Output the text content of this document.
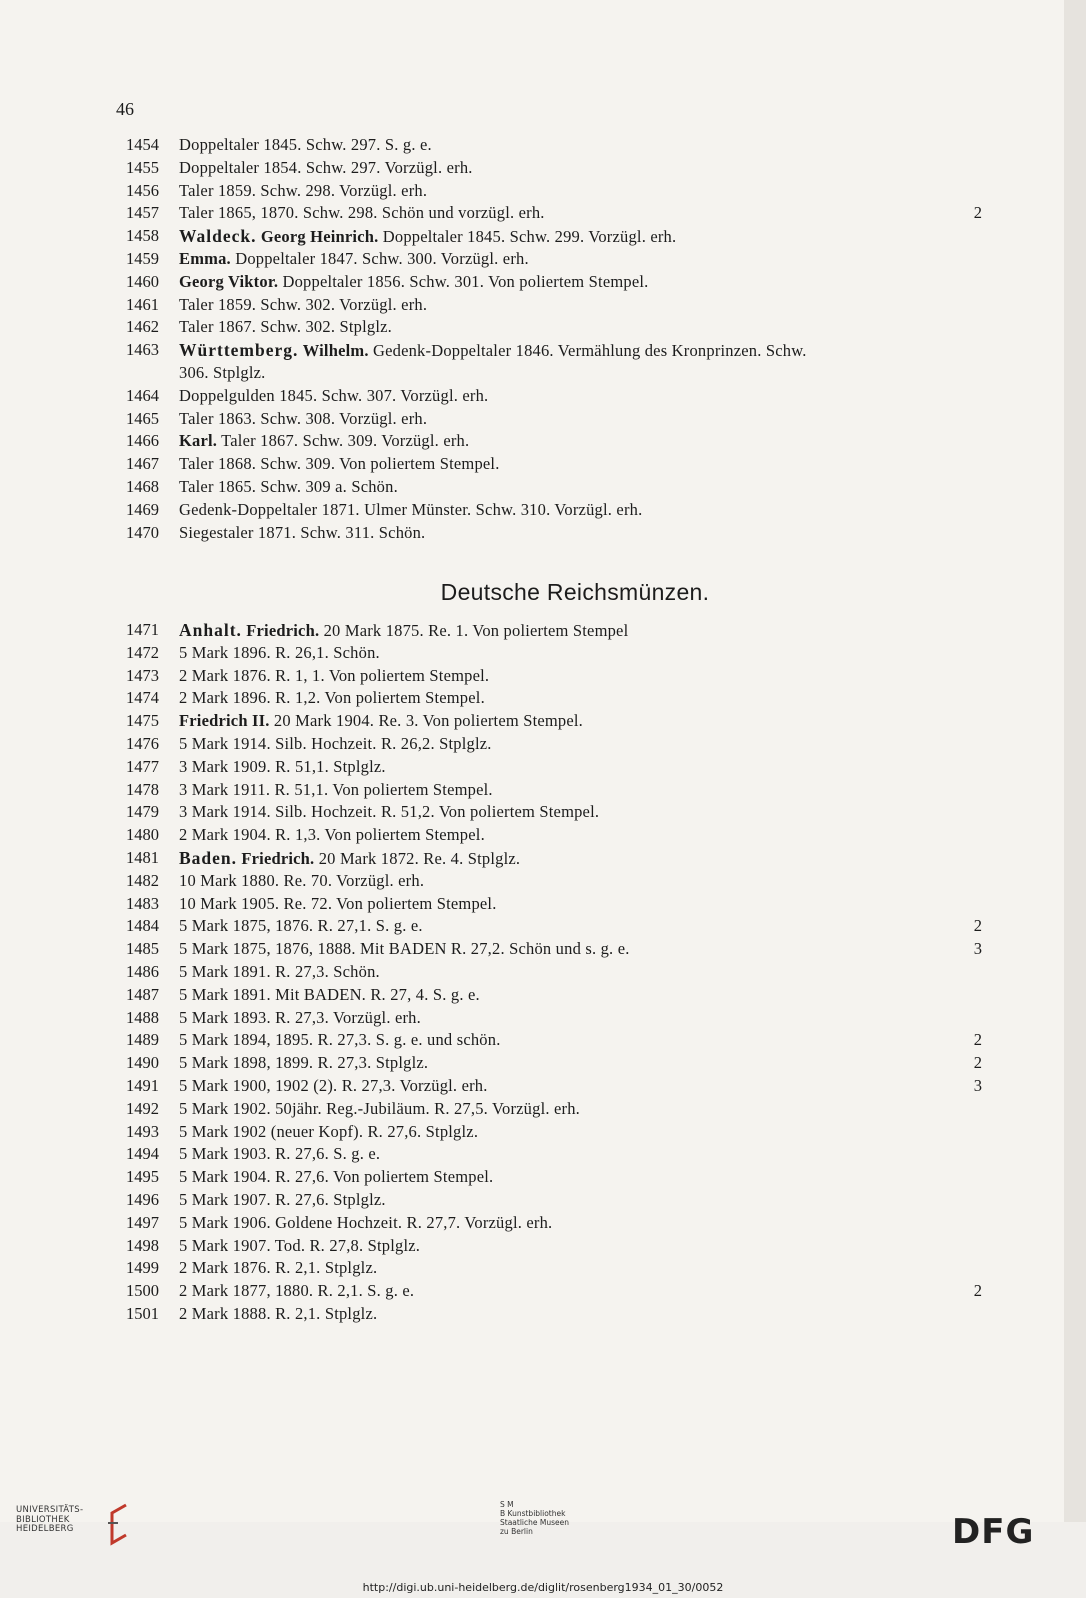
46
1454	Doppeltaler 1845. Schw. 297. S. g. e.
1455	Doppeltaler 1854. Schw. 297. Vorzügl. erh.
1456	Taler 1859. Schw. 298. Vorzügl. erh.
1457	Taler 1865, 1870. Schw. 298. Schön und vorzügl. erh.	2
1458	Waldeck. Georg Heinrich. Doppeltaler 1845. Schw. 299. Vorzügl. erh.
1459	Emma. Doppeltaler 1847. Schw. 300. Vorzügl. erh.
1460	Georg Viktor. Doppeltaler 1856. Schw. 301. Von poliertem Stempel.
1461	Taler 1859. Schw. 302. Vorzügl. erh.
1462	Taler 1867. Schw. 302. Stplglz.
1463	Württemberg. Wilhelm. Gedenk-Doppeltaler 1846. Vermählung des Kronprinzen. Schw.
306. Stplglz.
1464	Doppelgulden 1845. Schw. 307. Vorzügl. erh.
1465	Taler 1863. Schw. 308. Vorzügl. erh.
1466	Karl. Taler 1867. Schw. 309. Vorzügl. erh.
1467	Taler 1868. Schw. 309. Von poliertem Stempel.
1468	Taler 1865. Schw. 309 a. Schön.
1469	Gedenk-Doppeltaler 1871. Ulmer Münster. Schw. 310. Vorzügl. erh.
1470	Siegestaler 1871. Schw. 311. Schön.
Deutsche Reichsmünzen.
1471	Anhalt. Friedrich. 20 Mark 1875. Re. 1. Von poliertem Stempel
1472	5 Mark 1896. R. 26,1. Schön.
1473	2 Mark 1876. R. 1, 1. Von poliertem Stempel.
1474	2 Mark 1896. R. 1,2. Von poliertem Stempel.
1475	Friedrich II. 20 Mark 1904. Re. 3. Von poliertem Stempel.
1476	5 Mark 1914. Silb. Hochzeit. R. 26,2. Stplglz.
1477	3 Mark 1909. R. 51,1. Stplglz.
1478	3 Mark 1911. R. 51,1. Von poliertem Stempel.
1479	3 Mark 1914. Silb. Hochzeit. R. 51,2. Von poliertem Stempel.
1480	2 Mark 1904. R. 1,3. Von poliertem Stempel.
1481	Baden. Friedrich. 20 Mark 1872. Re. 4. Stplglz.
1482	10 Mark 1880. Re. 70. Vorzügl. erh.
1483	10 Mark 1905. Re. 72. Von poliertem Stempel.
1484	5 Mark 1875, 1876. R. 27,1. S. g. e.	2
1485	5 Mark 1875, 1876, 1888. Mit BADEN R. 27,2. Schön und s. g. e.	3
1486	5 Mark 1891. R. 27,3. Schön.
1487	5 Mark 1891. Mit BADEN. R. 27, 4. S. g. e.
1488	5 Mark 1893. R. 27,3. Vorzügl. erh.
1489	5 Mark 1894, 1895. R. 27,3. S. g. e. und schön.	2
1490	5 Mark 1898, 1899. R. 27,3. Stplglz.	2
1491	5 Mark 1900, 1902 (2). R. 27,3. Vorzügl. erh.	3
1492	5 Mark 1902. 50jähr. Reg.-Jubiläum. R. 27,5. Vorzügl. erh.
1493	5 Mark 1902 (neuer Kopf). R. 27,6. Stplglz.
1494	5 Mark 1903. R. 27,6. S. g. e.
1495	5 Mark 1904. R. 27,6. Von poliertem Stempel.
1496	5 Mark 1907. R. 27,6. Stplglz.
1497	5 Mark 1906. Goldene Hochzeit. R. 27,7. Vorzügl. erh.
1498	5 Mark 1907. Tod. R. 27,8. Stplglz.
1499	2 Mark 1876. R. 2,1. Stplglz.
1500	2 Mark 1877, 1880. R. 2,1. S. g. e.	2
1501	2 Mark 1888. R. 2,1. Stplglz.
UNIVERSITÄTS-
BIBLIOTHEK
HEIDELBERG
S M
B Kunstbibliothek
Staatliche Museen
zu Berlin	DFG
http://digi.ub.uni-heidelberg.de/diglit/rosenberg1934_01_30/0052
